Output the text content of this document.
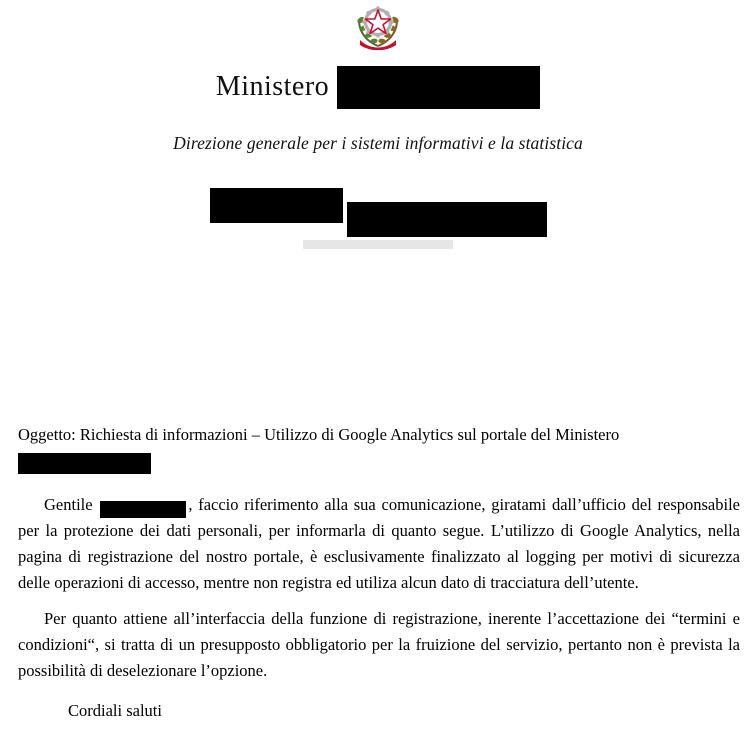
Ministero
Direzione generale per i sistemi informativi e la statistica

Oggetto: Richiesta di informazioni – Utilizzo di Google Analytics sul portale del Ministero

Gentile	, faccio riferimento alla sua comunicazione, giratami dall’ufficio del responsabile per la protezione dei dati personali, per informarla di quanto segue. L’utilizzo di Google Analytics, nella pagina di registrazione del nostro portale, è esclusivamente finalizzato al logging per motivi di sicurezza delle operazioni di accesso, mentre non registra ed utiliza alcun dato di tracciatura dell’utente.

Per quanto attiene all’interfaccia della funzione di registrazione, inerente l’accettazione dei “termini e condizioni“, si tratta di un presupposto obbligatorio per la fruizione del servizio, pertanto non è prevista la possibilità di deselezionare l’opzione.

Cordiali saluti
